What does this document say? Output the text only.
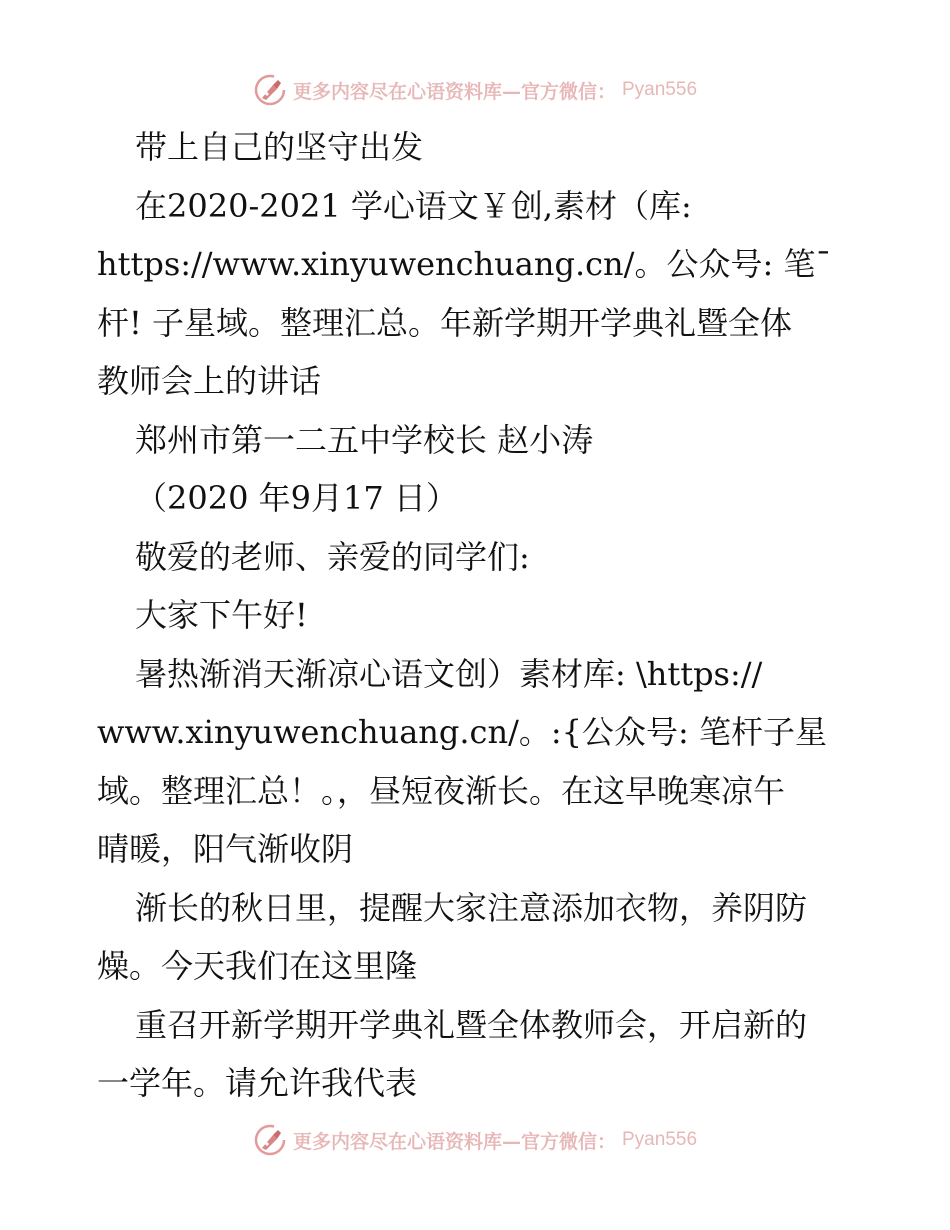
更多内容尽在心语资料库—官方微信： Pyan556
带上自己的坚守出发
在2020-2021 学心语文￥创,素材（库:
https://www.xinyuwenchuang.cn/。公众号: 笔¯
杆! 子星域。整理汇总。年新学期开学典礼暨全体
教师会上的讲话
郑州市第一二五中学校长 赵小涛
（2020 年9月17 日）
敬爱的老师、亲爱的同学们:
大家下午好!
暑热渐消天渐凉心语文创）素材库: \https://
www.xinyuwenchuang.cn/。:{公众号: 笔杆子星
域。整理汇总！。，昼短夜渐长。在这早晚寒凉午
晴暖，阳气渐收阴
渐长的秋日里，提醒大家注意添加衣物，养阴防
燥。今天我们在这里隆
重召开新学期开学典礼暨全体教师会，开启新的
一学年。请允许我代表
更多内容尽在心语资料库—官方微信： Pyan556
